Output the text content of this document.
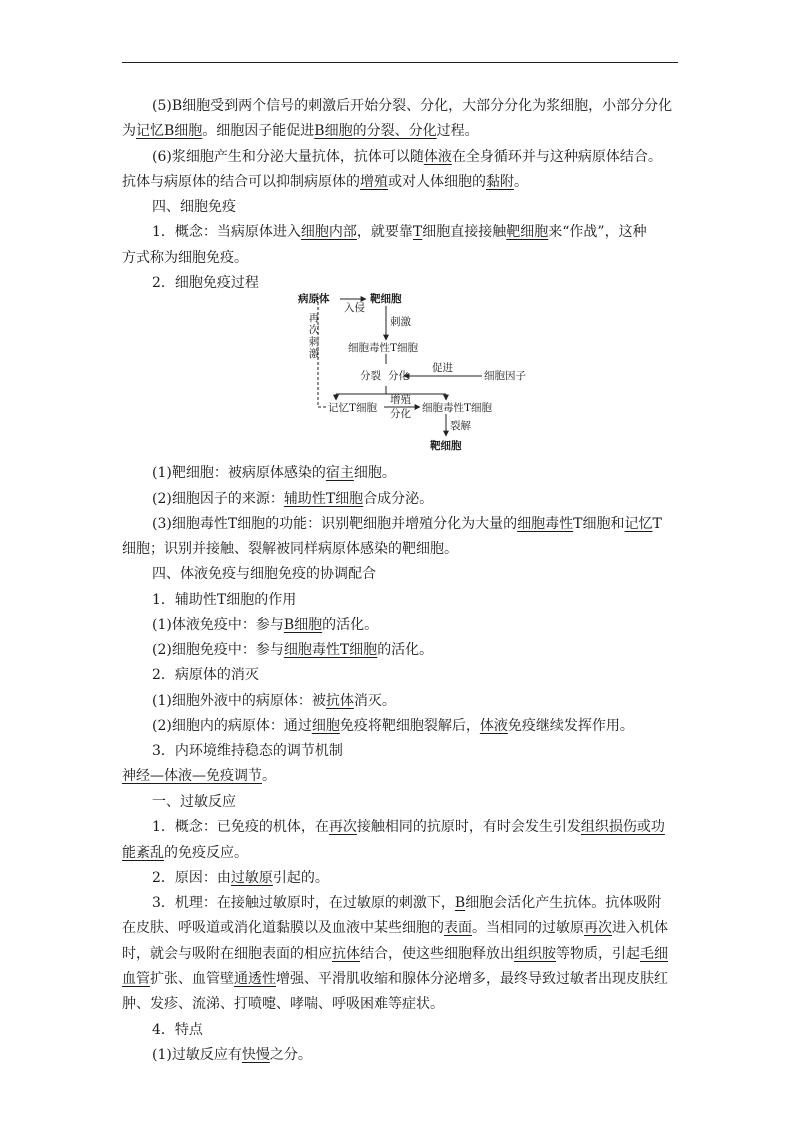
(5)B细胞受到两个信号的刺激后开始分裂、分化，大部分分化为浆细胞，小部分分化
为记忆B细胞。细胞因子能促进B细胞的分裂、分化过程。
(6)浆细胞产生和分泌大量抗体，抗体可以随体液在全身循环并与这种病原体结合。
抗体与病原体的结合可以抑制病原体的增殖或对人体细胞的黏附。
四、细胞免疫
1．概念：当病原体进入细胞内部，就要靠T细胞直接接触靶细胞来“作战”，这种
方式称为细胞免疫。
2．细胞免疫过程
(1)靶细胞：被病原体感染的宿主细胞。
(2)细胞因子的来源：辅助性T细胞合成分泌。
(3)细胞毒性T细胞的功能：识别靶细胞并增殖分化为大量的细胞毒性T细胞和记忆T
细胞；识别并接触、裂解被同样病原体感染的靶细胞。
四、体液免疫与细胞免疫的协调配合
1．辅助性T细胞的作用
(1)体液免疫中：参与B细胞的活化。
(2)细胞免疫中：参与细胞毒性T细胞的活化。
2．病原体的消灭
(1)细胞外液中的病原体：被抗体消灭。
(2)细胞内的病原体：通过细胞免疫将靶细胞裂解后，体液免疫继续发挥作用。
3．内环境维持稳态的调节机制
神经—体液—免疫调节。
一、过敏反应
1．概念：已免疫的机体，在再次接触相同的抗原时，有时会发生引发组织损伤或功
能紊乱的免疫反应。
2．原因：由过敏原引起的。
3．机理：在接触过敏原时，在过敏原的刺激下，B细胞会活化产生抗体。抗体吸附
在皮肤、呼吸道或消化道黏膜以及血液中某些细胞的表面。当相同的过敏原再次进入机体
时，就会与吸附在细胞表面的相应抗体结合，使这些细胞释放出组织胺等物质，引起毛细
血管扩张、血管壁通透性增强、平滑肌收缩和腺体分泌增多，最终导致过敏者出现皮肤红
肿、发疹、流涕、打喷嚏、哮喘、呼吸困难等症状。
4．特点
(1)过敏反应有快慢之分。
病原体
入侵
靶细胞
刺激
细胞毒性T细胞
分裂 分化
促进
细胞因子
记忆T细胞
增殖
分化 细胞毒性T细胞
裂解
靶细胞
再
次
刺
激
